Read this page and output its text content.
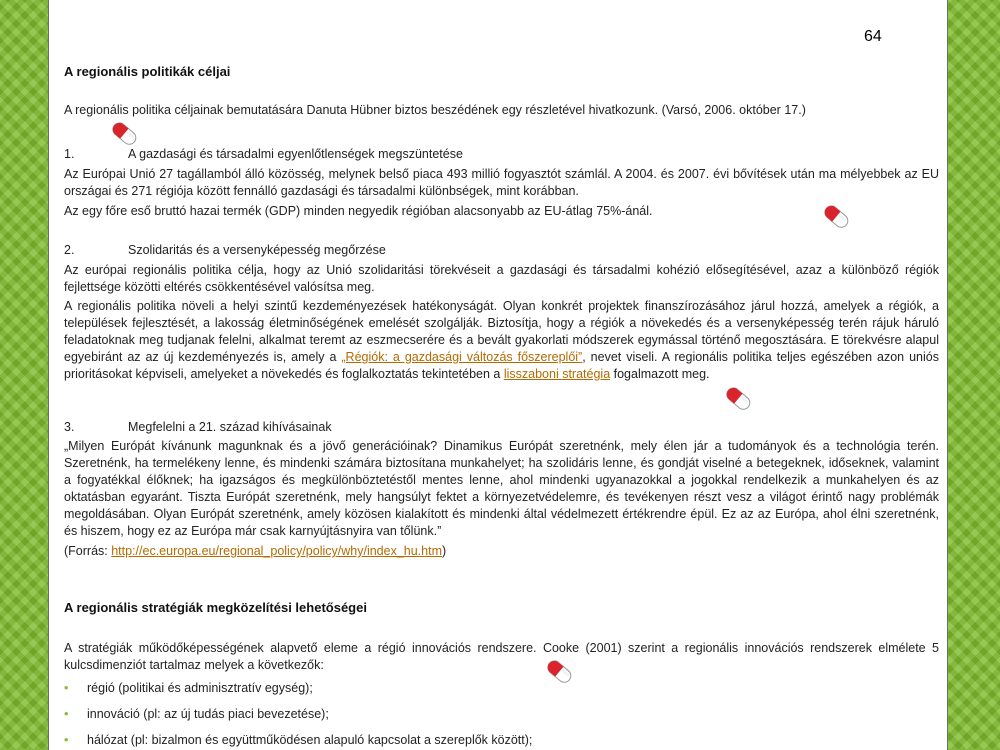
64
A regionális politikák céljai
A regionális politika céljainak bemutatására Danuta Hübner biztos beszédének egy részletével hivatkozunk. (Varsó, 2006. október 17.)
1.	A gazdasági és társadalmi egyenlőtlenségek megszüntetése
Az Európai Unió 27 tagállamból álló közösség, melynek belső piaca 493 millió fogyasztót számlál. A 2004. és 2007. évi bővítések után ma mélyebbek az EU országai és 271 régiója között fennálló gazdasági és társadalmi különbségek, mint korábban.
Az egy főre eső bruttó hazai termék (GDP) minden negyedik régióban alacsonyabb az EU-átlag 75%-ánál.
2.	Szolidaritás és a versenyképesség megőrzése
Az európai regionális politika célja, hogy az Unió szolidaritási törekvéseit a gazdasági és társadalmi kohézió elősegítésével, azaz a különböző régiók fejlettsége közötti eltérés csökkentésével valósítsa meg.
A regionális politika növeli a helyi szintű kezdeményezések hatékonyságát. Olyan konkrét projektek finanszírozásához járul hozzá, amelyek a régiók, a települések fejlesztését, a lakosság életminőségének emelését szolgálják. Biztosítja, hogy a régiók a növekedés és a versenyképesség terén rájuk háruló feladatoknak meg tudjanak felelni, alkalmat teremt az eszmecserére és a bevált gyakorlati módszerek egymással történő megosztására. E törekvésre alapul egyebiránt az az új kezdeményezés is, amely a „Régiók: a gazdasági változás főszereplői”, nevet viseli. A regionális politika teljes egészében azon uniós prioritásokat képviseli, amelyeket a növekedés és foglalkoztatás tekintetében a lisszaboni stratégia fogalmazott meg.
3.	Megfelelni a 21. század kihívásainak
„Milyen Európát kívánunk magunknak és a jövő generációinak? Dinamikus Európát szeretnénk, mely élen jár a tudományok és a technológia terén. Szeretnénk, ha termelékeny lenne, és mindenki számára biztosítana munkahelyet; ha szolidáris lenne, és gondját viselné a betegeknek, időseknek, valamint a fogyatékkal élőknek; ha igazságos és megkülönböztetéstől mentes lenne, ahol mindenki ugyanazokkal a jogokkal rendelkezik a munkahelyen és az oktatásban egyaránt. Tiszta Európát szeretnénk, mely hangsúlyt fektet a környezetvédelemre, és tevékenyen részt vesz a világot érintő nagy problémák megoldásában. Olyan Európát szeretnénk, amely közösen kialakított és mindenki által védelmezett értékrendre épül. Ez az az Európa, ahol élni szeretnénk, és hiszem, hogy ez az Európa már csak karnyújtásnyira van tőlünk.”
(Forrás: http://ec.europa.eu/regional_policy/policy/why/index_hu.htm)
A regionális stratégiák megközelítési lehetőségei
A stratégiák működőképességének alapvető eleme a régió innovációs rendszere. Cooke (2001) szerint a regionális innovációs rendszerek elmélete 5 kulcsdimenziót tartalmaz melyek a következők:
• régió (politikai és adminisztratív egység);
• innováció (pl: az új tudás piaci bevezetése);
• hálózat (pl: bizalmon és együttműködésen alapuló kapcsolat a szereplők között);
